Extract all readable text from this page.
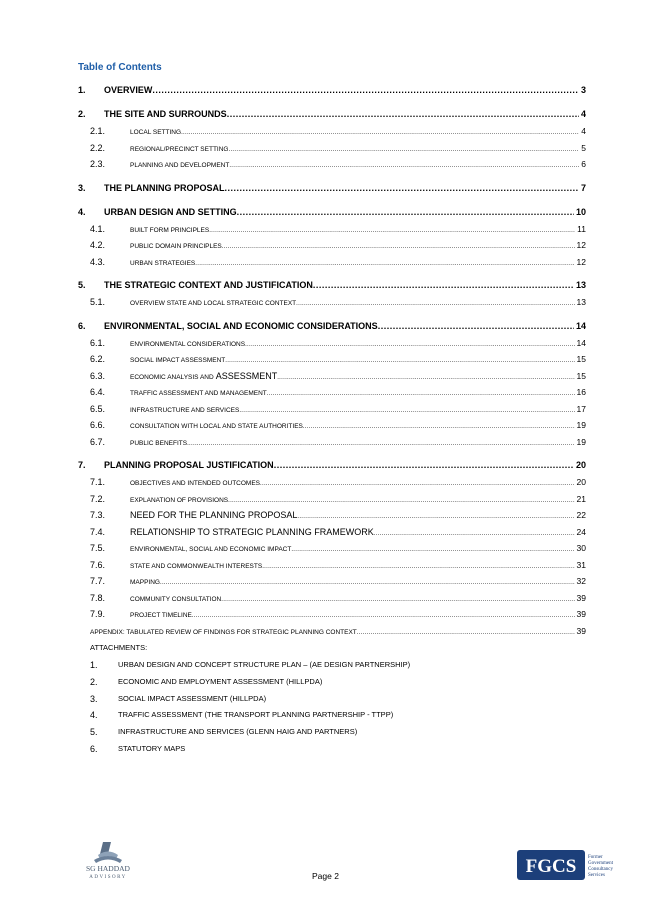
Table of Contents
1.	OVERVIEW .....	3
2.	THE SITE AND SURROUNDS .....	4
2.1.	LOCAL SETTING .....	4
2.2.	REGIONAL/PRECINCT SETTING .....	5
2.3.	PLANNING AND DEVELOPMENT .....	6
3.	THE PLANNING PROPOSAL .....	7
4.	URBAN DESIGN AND SETTING .....	10
4.1.	BUILT FORM PRINCIPLES .....	11
4.2.	PUBLIC DOMAIN PRINCIPLES .....	12
4.3.	URBAN STRATEGIES .....	12
5.	THE STRATEGIC CONTEXT AND JUSTIFICATION .....	13
5.1.	OVERVIEW STATE AND LOCAL STRATEGIC CONTEXT .....	13
6.	ENVIRONMENTAL, SOCIAL AND ECONOMIC CONSIDERATIONS .....	14
6.1.	ENVIRONMENTAL CONSIDERATIONS .....	14
6.2.	SOCIAL IMPACT ASSESSMENT .....	15
6.3.	ECONOMIC ANALYSIS AND ASSESSMENT .....	15
6.4.	TRAFFIC ASSESSMENT AND MANAGEMENT .....	16
6.5.	INFRASTRUCTURE AND SERVICES .....	17
6.6.	CONSULTATION WITH LOCAL AND STATE AUTHORITIES .....	19
6.7.	PUBLIC BENEFITS .....	19
7.	PLANNING PROPOSAL JUSTIFICATION .....	20
7.1.	OBJECTIVES AND INTENDED OUTCOMES .....	20
7.2.	EXPLANATION OF PROVISIONS .....	21
7.3.	NEED FOR THE PLANNING PROPOSAL .....	22
7.4.	RELATIONSHIP TO STRATEGIC PLANNING FRAMEWORK .....	24
7.5.	ENVIRONMENTAL, SOCIAL AND ECONOMIC IMPACT .....	30
7.6.	STATE AND COMMONWEALTH INTERESTS .....	31
7.7.	MAPPING .....	32
7.8.	COMMUNITY CONSULTATION .....	39
7.9.	PROJECT TIMELINE .....	39
APPENDIX: TABULATED REVIEW OF FINDINGS FOR STRATEGIC PLANNING CONTEXT .....	39
ATTACHMENTS:
1.	URBAN DESIGN AND CONCEPT STRUCTURE PLAN – (AE DESIGN PARTNERSHIP)
2.	ECONOMIC AND EMPLOYMENT ASSESSMENT (HILLPDA)
3.	SOCIAL IMPACT ASSESSMENT (HILLPDA)
4.	TRAFFIC ASSESSMENT (THE TRANSPORT PLANNING PARTNERSHIP - TTPP)
5.	INFRASTRUCTURE AND SERVICES (GLENN HAIG AND PARTNERS)
6.	STATUTORY MAPS
SG HADDAD
ADVISORY	Page 2	FGCS Former
Government
Consultancy
Services
